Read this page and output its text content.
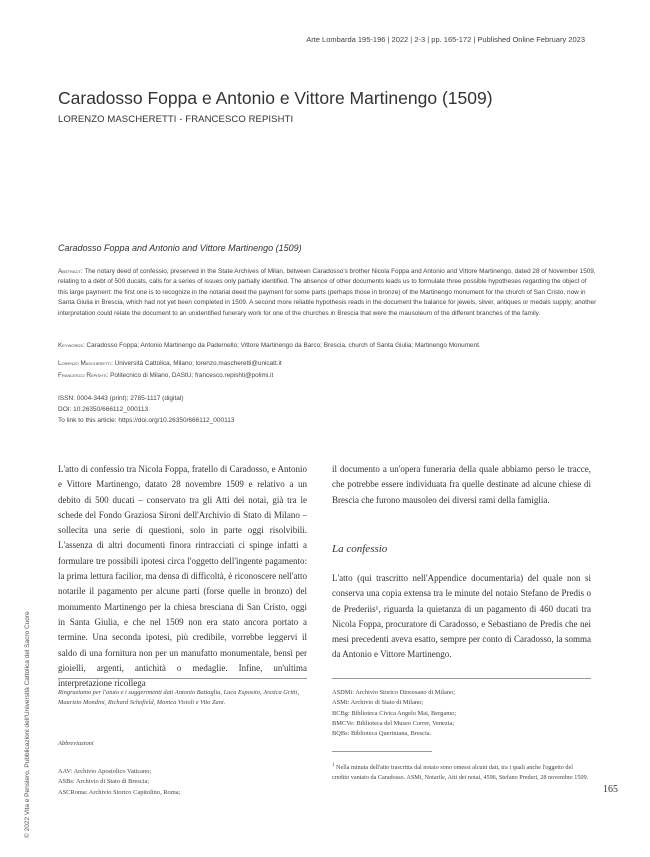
Arte Lombarda 195-196 | 2022 | 2-3 | pp. 165-172 | Published Online February 2023
Caradosso Foppa e Antonio e Vittore Martinengo (1509)
LORENZO MASCHERETTI - FRANCESCO REPISHTI
Caradosso Foppa and Antonio and Vittore Martinengo (1509)

Abstract: The notary deed of confessio, preserved in the State Archives of Milan, between Caradosso's brother Nicola Foppa and Antonio and Vittore Martinengo, dated 28 of November 1509, relating to a debt of 500 ducats, calls for a series of issues only partially identified. The absence of other documents leads us to formulate three possible hypotheses regarding the object of this large payment: the first one is to recognize in the notarial deed the payment for some parts (perhaps those in bronze) of the Martinengo monument for the church of San Cristo, now in Santa Giulia in Brescia, which had not yet been completed in 1509. A second more reliable hypothesis reads in the document the balance for jewels, silver, antiques or medals supply; another interpretation could relate the document to an unidentified funerary work for one of the churches in Brescia that were the mausoleum of the different branches of the family.

Keywords: Caradosso Foppa; Antonio Martinengo da Padernello; Vittore Martinengo da Barco; Brescia, church of Santa Giulia; Martinengo Monument.

Lorenzo Mascheretti: Università Cattolica, Milano; lorenzo.mascheretti@unicatt.it
Francesco Repishti: Politecnico di Milano, DAStU; francesco.repishti@polimi.it
ISSN: 0004-3443 (print); 2785-1117 (digital)
DOI: 10.26350/666112_000113
To link to this article: https://doi.org/10.26350/666112_000113

L'atto di confessio tra Nicola Foppa, fratello di Caradosso, e Antonio e Vittore Martinengo, datato 28 novembre 1509 e relativo a un debito di 500 ducati – conservato tra gli Atti dei notai, già tra le schede del Fondo Graziosa Sironi dell'Archivio di Stato di Milano – sollecita una serie di questioni, solo in parte oggi risolvibili. L'assenza di altri documenti finora rintracciati ci spinge infatti a formulare tre possibili ipotesi circa l'oggetto dell'ingente pagamento: la prima lettura facilior, ma densa di difficoltà, è riconoscere nell'atto notarile il pagamento per alcune parti (forse quelle in bronzo) del monumento Martinengo per la chiesa bresciana di San Cristo, oggi in Santa Giulia, e che nel 1509 non era stato ancora portato a termine. Una seconda ipotesi, più credibile, vorrebbe leggervi il saldo di una fornitura non per un manufatto monumentale, bensì per gioielli, argenti, antichità o medaglie. Infine, un'ultima interpretazione ricollega

il documento a un'opera funeraria della quale abbiamo perso le tracce, che potrebbe essere individuata fra quelle destinate ad alcune chiese di Brescia che furono mausoleo dei diversi rami della famiglia.

La confessio

L'atto (qui trascritto nell'Appendice documentaria) del quale non si conserva una copia extensa tra le minute del notaio Stefano de Predis o de Prederiis¹, riguarda la quietanza di un pagamento di 460 ducati tra Nicola Foppa, procuratore di Caradosso, e Sebastiano de Predis che nei mesi precedenti aveva esatto, sempre per conto di Caradosso, la somma da Antonio e Vittore Martinengo.

Ringraziamo per l'aiuto e i suggerimenti dati Antonio Battaglia, Luca Esposito, Jessica Gritti, Maurizio Mondini, Richard Schofield, Monica Visioli e Vito Zani.

Abbreviazioni
AAV: Archivio Apostolico Vaticano;
ASBs: Archivio di Stato di Brescia;
ASCRoma: Archivio Storico Capitolino, Roma;
ASDMi: Archivio Storico Diocesano di Milano;
ASMi: Archivio di Stato di Milano;
BCBg: Biblioteca Civica Angelo Mai, Bergamo;
BMCVe: Biblioteca del Museo Correr, Venezia;
BQBs: Biblioteca Queriniana, Brescia.

$^1$ Nella minuta dell'atto trascritta dal notaio sono omessi alcuni dati, tra i quali anche l'oggetto del credito vantato da Caradosso. ASMi, Notarile, Atti dei notai, 4596, Stefano Prederi, 28 novembre 1509.

165
© 2022 Vita e Pensiero, Pubblicazioni dell'Università Cattolica del Sacro Cuore
